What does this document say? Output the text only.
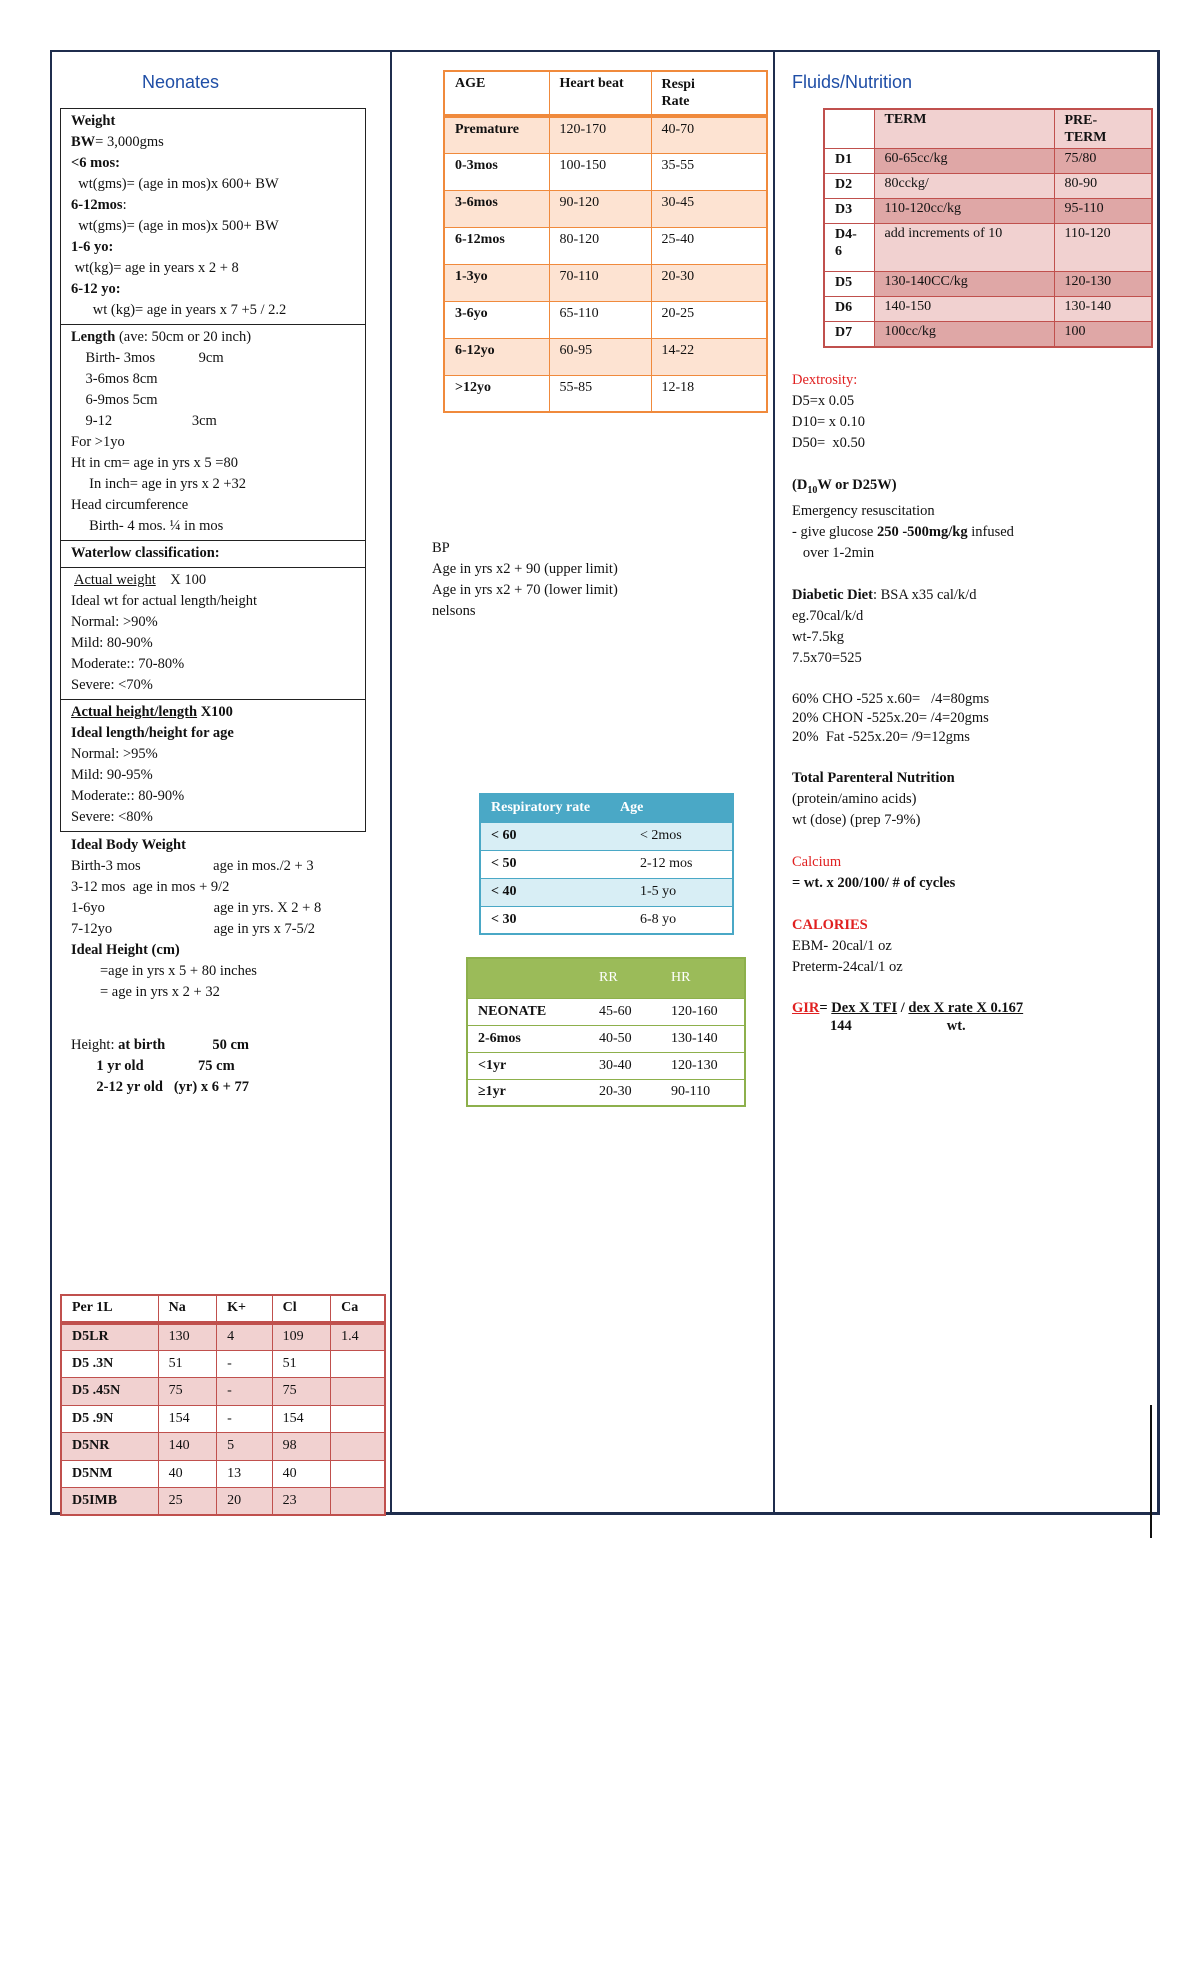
Neonates
Weight
BW= 3,000gms
<6 mos:
wt(gms)= (age in mos)x 600+ BW
6-12mos:
wt(gms)= (age in mos)x 500+ BW
1-6 yo:
wt(kg)= age in years x 2 + 8
6-12 yo:
wt (kg)= age in years x 7 +5 / 2.2
Length (ave: 50cm or 20 inch)
Birth- 3mos            9cm
3-6mos 8cm
6-9mos 5cm
9-12                      3cm
For >1yo
Ht in cm= age in yrs x 5 =80
In inch= age in yrs x 2 +32
Head circumference
Birth- 4 mos. ¼ in mos
Waterlow classification:
Actual weight    X 100
Ideal wt for actual length/height
Normal: >90%
Mild: 80-90%
Moderate:: 70-80%
Severe: <70%
Actual height/length X100
Ideal length/height for age
Normal: >95%
Mild: 90-95%
Moderate:: 80-90%
Severe: <80%
Ideal Body Weight
Birth-3 mos                    age in mos./2 + 3
3-12 mos  age in mos + 9/2
1-6yo                              age in yrs. X 2 + 8
7-12yo                            age in yrs x 7-5/2
Ideal Height (cm)
=age in yrs x 5 + 80 inches
= age in yrs x 2 + 32
Height: at birth             50 cm
1 yr old               75 cm
2-12 yr old   (yr) x 6 + 77
Per 1L	Na	K+	Cl	Ca
D5LR	130	4	109	1.4
D5 .3N	51	-	51	
D5 .45N	75	-	75	
D5 .9N	154	-	154	
D5NR	140	5	98	
D5NM	40	13	40	
D5IMB	25	20	23	
AGE	Heart beat	Respi
Rate

Premature	120-170	40-70
0-3mos	100-150	35-55
3-6mos	90-120	30-45
6-12mos	80-120	25-40
1-3yo	70-110	20-30
3-6yo	65-110	20-25
6-12yo	60-95	14-22
>12yo	55-85	12-18
BP
Age in yrs x2 + 90 (upper limit)
Age in yrs x2 + 70 (lower limit)
nelsons
Respiratory rate	Age
< 60	< 2mos
< 50	2-12 mos
< 40	1-5 yo
< 30	6-8 yo
	RR	HR
NEONATE	45-60	120-160
2-6mos	40-50	130-140
<1yr	30-40	120-130
≥1yr	20-30	90-110
Fluids/Nutrition
	TERM	PRE-
TERM

D1	60-65cc/kg	75/80
D2	80cckg/	80-90
D3	110-120cc/kg	95-110
D4-
6	add increments of 10	110-120
D5	130-140CC/kg	120-130
D6	140-150	130-140
D7	100cc/kg	100
Dextrosity:
D5=x 0.05
D10= x 0.10
D50=  x0.50

($D_{10}W$ or D25W)
Emergency resuscitation
- give glucose 250 -500mg/kg infused
over 1-2min

Diabetic Diet: BSA x35 cal/k/d
eg.70cal/k/d
wt-7.5kg
7.5x70=525

60% CHO -525 x.60=   /4=80gms
20% CHON -525x.20= /4=20gms
20%  Fat -525x.20= /9=12gms

Total Parenteral Nutrition
(protein/amino acids)
wt (dose) (prep 7-9%)

Calcium
= wt. x 200/100/ # of cycles

CALORIES
EBM- 20cal/1 oz
Preterm-24cal/1 oz

GIR= Dex X TFI / dex X rate X 0.167
144	wt.
